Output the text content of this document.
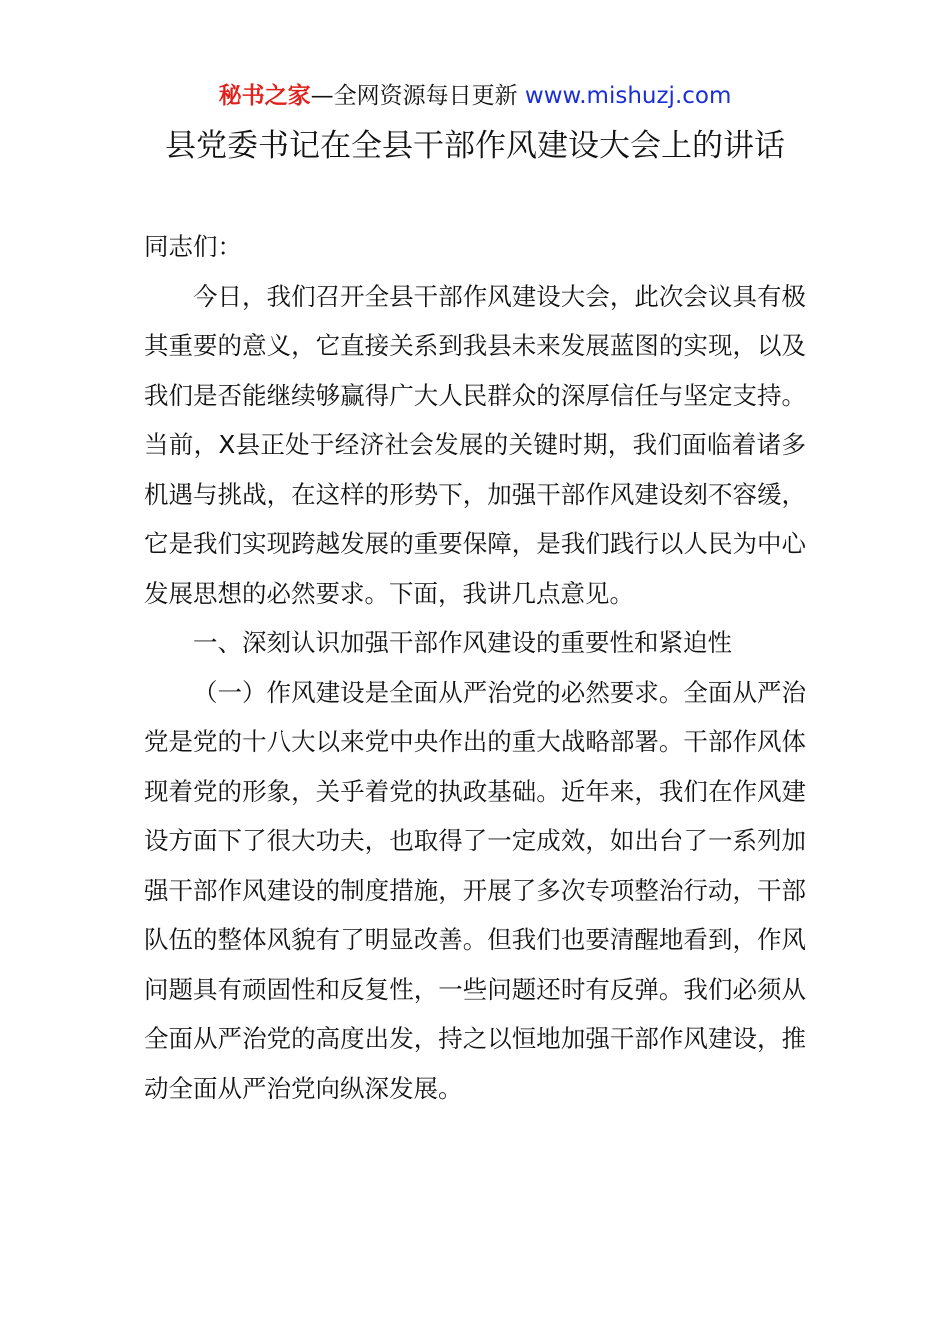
秘书之家—全网资源每日更新 www.mishuzj.com
县党委书记在全县干部作风建设大会上的讲话

同志们：

今日，我们召开全县干部作风建设大会，此次会议具有极其重要的意义，它直接关系到我县未来发展蓝图的实现，以及我们是否能继续够赢得广大人民群众的深厚信任与坚定支持。当前，X县正处于经济社会发展的关键时期，我们面临着诸多机遇与挑战，在这样的形势下，加强干部作风建设刻不容缓，它是我们实现跨越发展的重要保障，是我们践行以人民为中心发展思想的必然要求。下面，我讲几点意见。

一、深刻认识加强干部作风建设的重要性和紧迫性

（一）作风建设是全面从严治党的必然要求。全面从严治党是党的十八大以来党中央作出的重大战略部署。干部作风体现着党的形象，关乎着党的执政基础。近年来，我们在作风建设方面下了很大功夫，也取得了一定成效，如出台了一系列加强干部作风建设的制度措施，开展了多次专项整治行动，干部队伍的整体风貌有了明显改善。但我们也要清醒地看到，作风问题具有顽固性和反复性，一些问题还时有反弹。我们必须从全面从严治党的高度出发，持之以恒地加强干部作风建设，推动全面从严治党向纵深发展。
